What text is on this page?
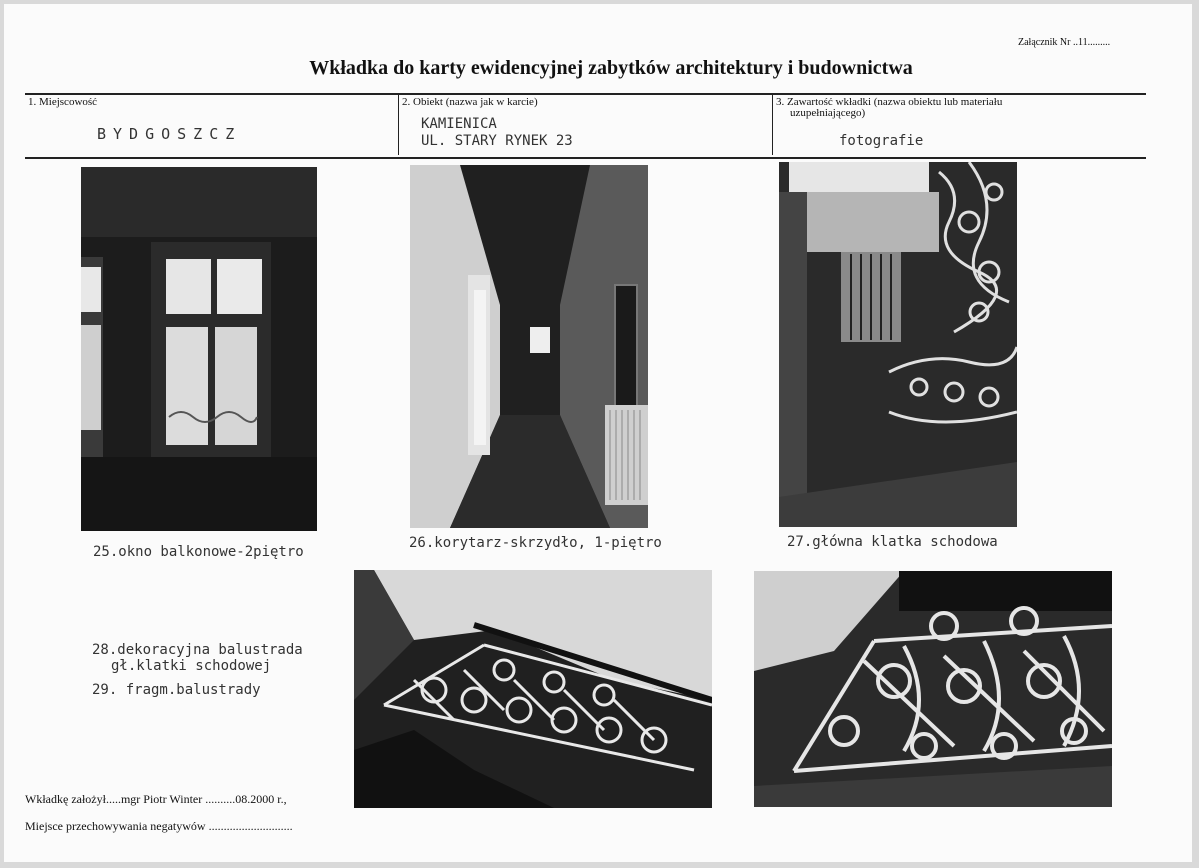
Załącznik Nr ..11.........
Wkładka do karty ewidencyjnej zabytków architektury i budownictwa
1. Miejscowość
BYDGOSZCZ
2. Obiekt (nazwa jak w karcie)
KAMIENICA
UL. STARY RYNEK 23
3. Zawartość wkładki (nazwa obiektu lub materiału
uzupełniającego)
fotografie
25.okno balkonowe-2piętro
26.korytarz-skrzydło, 1-piętro	27.główna klatka schodowa
28.dekoracyjna balustrada
gł.klatki schodowej
29. fragm.balustrady
Wkładkę założył.....mgr Piotr Winter ..........08.2000 r.,
Miejsce przechowywania negatywów ............................
